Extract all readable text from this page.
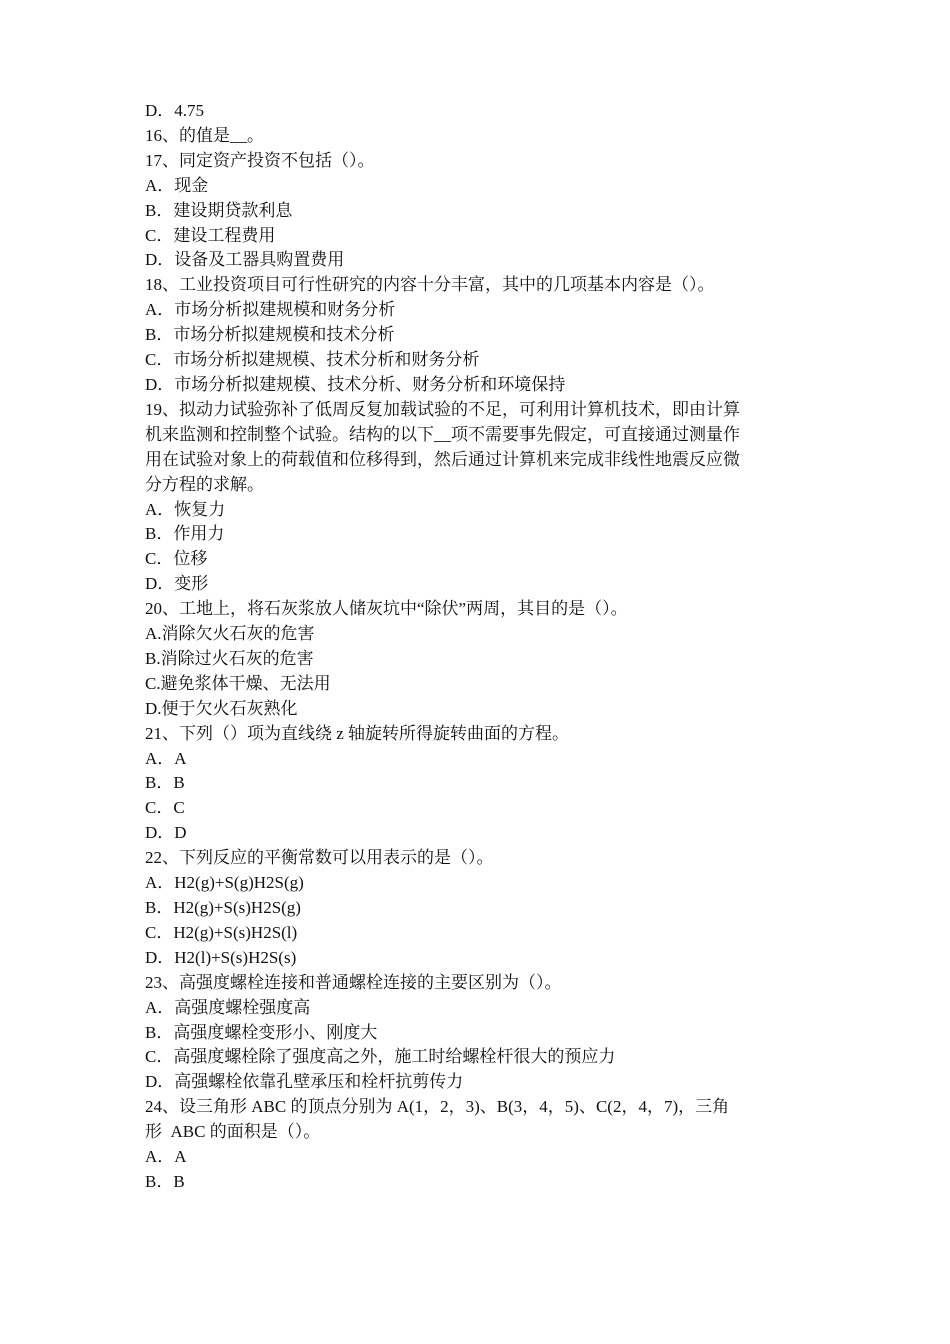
D．4.75

16、的值是__。

17、同定资产投资不包括（）。

A．现金

B．建设期贷款利息

C．建设工程费用

D．设备及工器具购置费用

18、工业投资项目可行性研究的内容十分丰富，其中的几项基本内容是（）。

A．市场分析拟建规模和财务分析

B．市场分析拟建规模和技术分析

C．市场分析拟建规模、技术分析和财务分析

D．市场分析拟建规模、技术分析、财务分析和环境保持

19、拟动力试验弥补了低周反复加载试验的不足，可利用计算机技术，即由计算

机来监测和控制整个试验。结构的以下__项不需要事先假定，可直接通过测量作

用在试验对象上的荷载值和位移得到，然后通过计算机来完成非线性地震反应微

分方程的求解。

A．恢复力

B．作用力

C．位移

D．变形

20、工地上，将石灰浆放人储灰坑中“除伏”两周，其目的是（）。

A.消除欠火石灰的危害

B.消除过火石灰的危害

C.避免浆体干燥、无法用

D.便于欠火石灰熟化

21、下列（）项为直线绕 z 轴旋转所得旋转曲面的方程。

A．A

B．B

C．C

D．D

22、下列反应的平衡常数可以用表示的是（）。

A．H2(g)+S(g)H2S(g)

B．H2(g)+S(s)H2S(g)

C．H2(g)+S(s)H2S(l)

D．H2(l)+S(s)H2S(s)

23、高强度螺栓连接和普通螺栓连接的主要区别为（）。

A．高强度螺栓强度高

B．高强度螺栓变形小、刚度大

C．高强度螺栓除了强度高之外，施工时给螺栓杆很大的预应力

D．高强螺栓依靠孔壁承压和栓杆抗剪传力

24、设三角形 ABC 的顶点分别为 A(1，2，3)、B(3，4，5)、C(2，4，7)，三角

形  ABC 的面积是（）。

A．A

B．B
